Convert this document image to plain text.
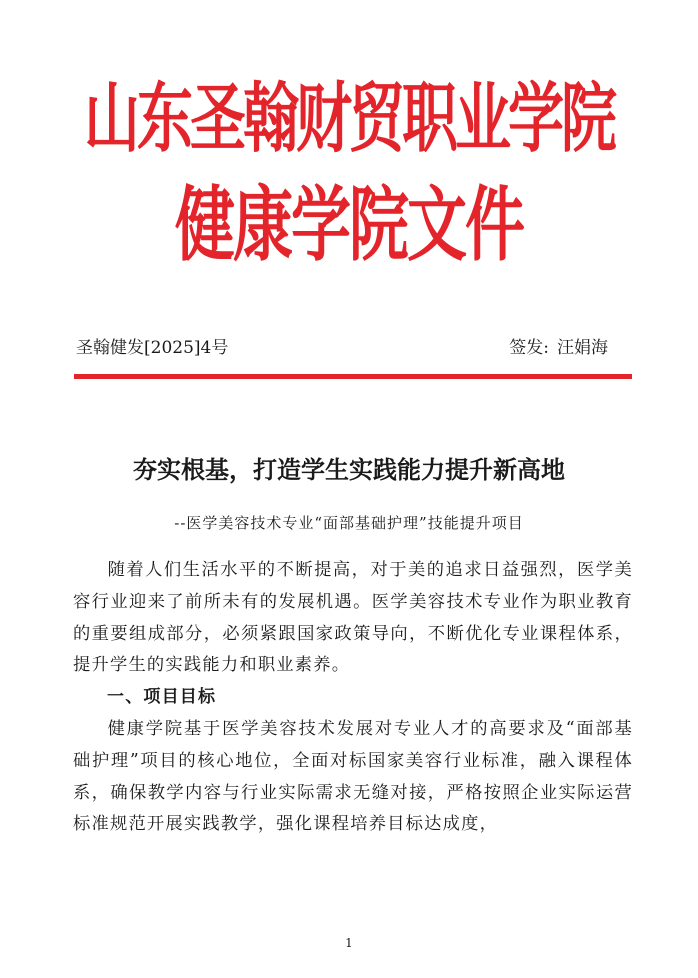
山东圣翰财贸职业学院
健康学院文件
圣翰健发[2025]4号	签发: 汪娟海
夯实根基，打造学生实践能力提升新高地
--医学美容技术专业“面部基础护理”技能提升项目

随着人们生活水平的不断提高，对于美的追求日益强烈，医学美容行业迎来了前所未有的发展机遇。医学美容技术专业作为职业教育的重要组成部分，必须紧跟国家政策导向，不断优化专业课程体系，提升学生的实践能力和职业素养。

一、项目目标

健康学院基于医学美容技术发展对专业人才的高要求及“面部基础护理”项目的核心地位，全面对标国家美容行业标准，融入课程体系，确保教学内容与行业实际需求无缝对接，严格按照企业实际运营标准规范开展实践教学，强化课程培养目标达成度，

1
